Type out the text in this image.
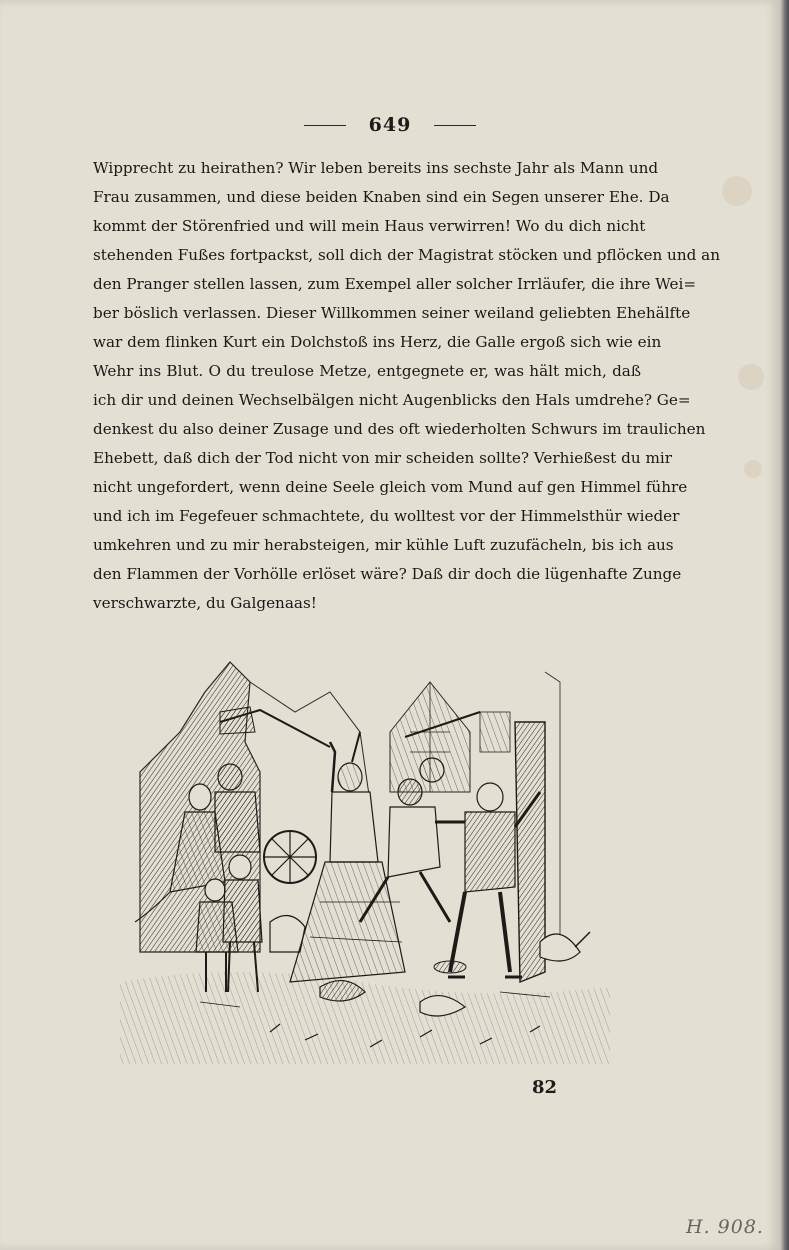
649
Wipprecht zu heirathen? Wir leben bereits ins sechste Jahr als Mann und
Frau zusammen, und diese beiden Knaben sind ein Segen unserer Ehe. Da
kommt der Störenfried und will mein Haus verwirren! Wo du dich nicht
stehenden Fußes fortpackst, soll dich der Magistrat stöcken und pflöcken und an
den Pranger stellen lassen, zum Exempel aller solcher Irrläufer, die ihre Wei=
ber böslich verlassen. Dieser Willkommen seiner weiland geliebten Ehehälfte
war dem flinken Kurt ein Dolchstoß ins Herz, die Galle ergoß sich wie ein
Wehr ins Blut. O du treulose Metze, entgegnete er, was hält mich, daß
ich dir und deinen Wechselbälgen nicht Augenblicks den Hals umdrehe? Ge=
denkest du also deiner Zusage und des oft wiederholten Schwurs im traulichen
Ehebett, daß dich der Tod nicht von mir scheiden sollte? Verhießest du mir
nicht ungefordert, wenn deine Seele gleich vom Mund auf gen Himmel führe
und ich im Fegefeuer schmachtete, du wolltest vor der Himmelsthür wieder
umkehren und zu mir herabsteigen, mir kühle Luft zuzufächeln, bis ich aus
den Flammen der Vorhölle erlöset wäre? Daß dir doch die lügenhafte Zunge
verschwarzte, du Galgenaas!
82
H. 908.
